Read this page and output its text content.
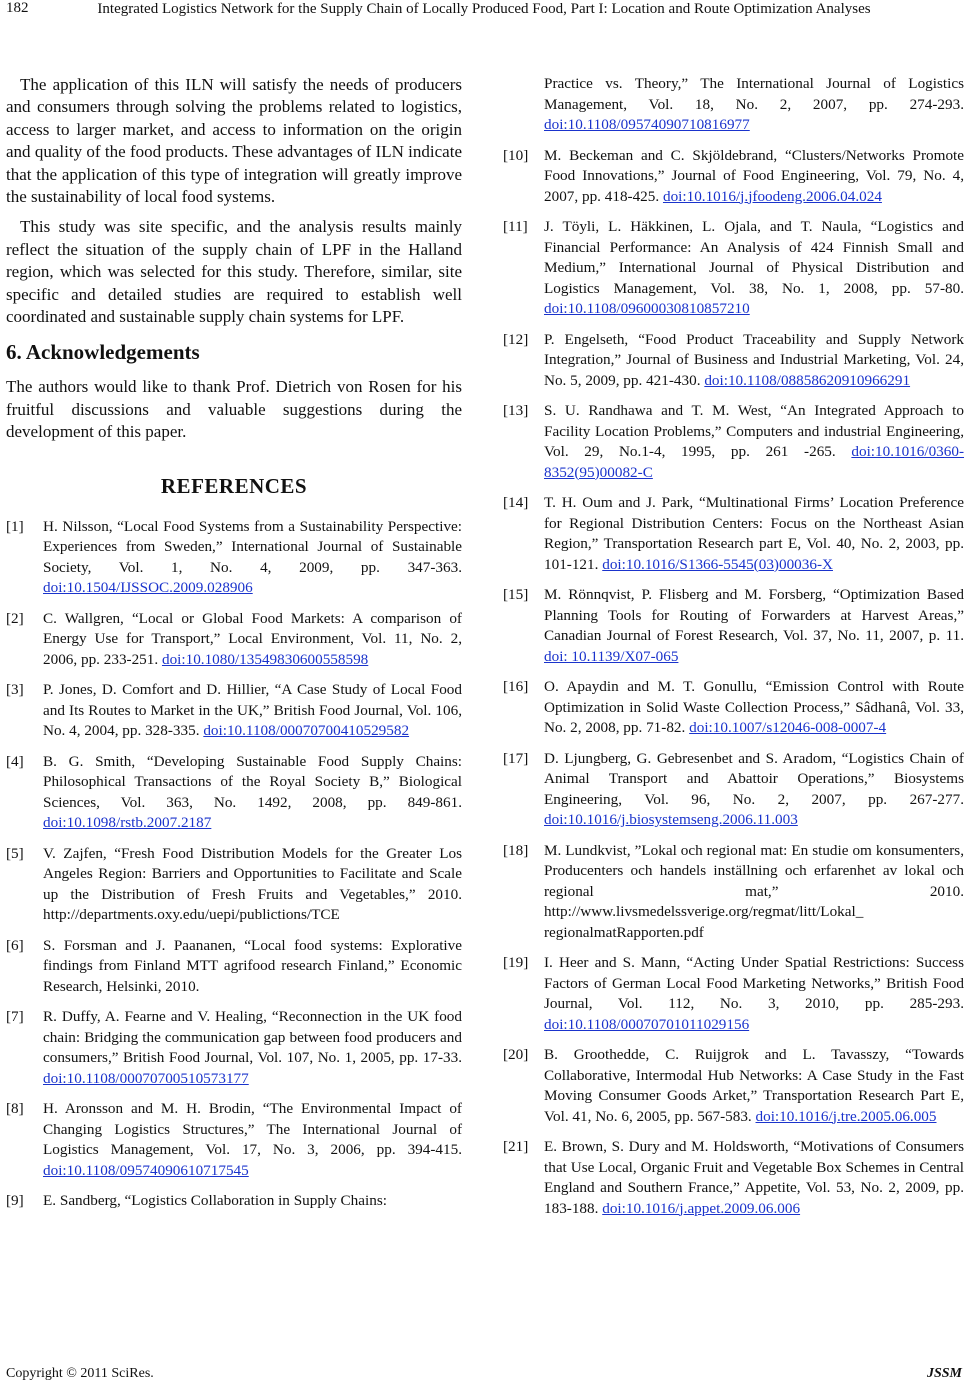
182	Integrated Logistics Network for the Supply Chain of Locally Produced Food, Part I: Location and Route Optimization Analyses

The application of this ILN will satisfy the needs of producers and consumers through solving the problems related to logistics, access to larger market, and access to information on the origin and quality of the food products. These advantages of ILN indicate that the application of this type of integration will greatly improve the sustainability of local food systems.

This study was site specific, and the analysis results mainly reflect the situation of the supply chain of LPF in the Halland region, which was selected for this study. Therefore, similar, site specific and detailed studies are required to establish well coordinated and sustainable supply chain systems for LPF.

6. Acknowledgements

The authors would like to thank Prof. Dietrich von Rosen for his fruitful discussions and valuable suggestions during the development of this paper.

REFERENCES
[1]	H. Nilsson, “Local Food Systems from a Sustainability Perspective: Experiences from Sweden,” International Journal of Sustainable Society, Vol. 1, No. 4, 2009, pp. 347-363. doi:10.1504/IJSSOC.2009.028906
[2]	C. Wallgren, “Local or Global Food Markets: A comparison of Energy Use for Transport,” Local Environment, Vol. 11, No. 2, 2006, pp. 233-251. doi:10.1080/13549830600558598
[3]	P. Jones, D. Comfort and D. Hillier, “A Case Study of Local Food and Its Routes to Market in the UK,” British Food Journal, Vol. 106, No. 4, 2004, pp. 328-335. doi:10.1108/00070700410529582
[4]	B. G. Smith, “Developing Sustainable Food Supply Chains: Philosophical Transactions of the Royal Society B,” Biological Sciences, Vol. 363, No. 1492, 2008, pp. 849-861. doi:10.1098/rstb.2007.2187
[5]	V. Zajfen, “Fresh Food Distribution Models for the Greater Los Angeles Region: Barriers and Opportunities to Facilitate and Scale up the Distribution of Fresh Fruits and Vegetables,” 2010. http://departments.oxy.edu/uepi/publictions/TCE
[6]	S. Forsman and J. Paananen, “Local food systems: Explorative findings from Finland MTT agrifood research Finland,” Economic Research, Helsinki, 2010.
[7]	R. Duffy, A. Fearne and V. Healing, “Reconnection in the UK food chain: Bridging the communication gap between food producers and consumers,” British Food Journal, Vol. 107, No. 1, 2005, pp. 17-33. doi:10.1108/00070700510573177
[8]	H. Aronsson and M. H. Brodin, “The Environmental Impact of Changing Logistics Structures,” The International Journal of Logistics Management, Vol. 17, No. 3, 2006, pp. 394-415. doi:10.1108/09574090610717545
[9]	E. Sandberg, “Logistics Collaboration in Supply Chains:
Practice vs. Theory,” The International Journal of Logistics Management, Vol. 18, No. 2, 2007, pp. 274-293. doi:10.1108/09574090710816977
[10]	M. Beckeman and C. Skjöldebrand, “Clusters/Networks Promote Food Innovations,” Journal of Food Engineering, Vol. 79, No. 4, 2007, pp. 418-425. doi:10.1016/j.jfoodeng.2006.04.024
[11]	J. Töyli, L. Häkkinen, L. Ojala, and T. Naula, “Logistics and Financial Performance: An Analysis of 424 Finnish Small and Medium,” International Journal of Physical Distribution and Logistics Management, Vol. 38, No. 1, 2008, pp. 57-80. doi:10.1108/09600030810857210
[12]	P. Engelseth, “Food Product Traceability and Supply Network Integration,” Journal of Business and Industrial Marketing, Vol. 24, No. 5, 2009, pp. 421-430. doi:10.1108/08858620910966291
[13]	S. U. Randhawa and T. M. West, “An Integrated Approach to Facility Location Problems,” Computers and industrial Engineering, Vol. 29, No.1-4, 1995, pp. 261 -265. doi:10.1016/0360-8352(95)00082-C
[14]	T. H. Oum and J. Park, “Multinational Firms’ Location Preference for Regional Distribution Centers: Focus on the Northeast Asian Region,” Transportation Research part E, Vol. 40, No. 2, 2003, pp. 101-121. doi:10.1016/S1366-5545(03)00036-X
[15]	M. Rönnqvist, P. Flisberg and M. Forsberg, “Optimization Based Planning Tools for Routing of Forwarders at Harvest Areas,” Canadian Journal of Forest Research, Vol. 37, No. 11, 2007, p. 11. doi: 10.1139/X07-065
[16]	O. Apaydin and M. T. Gonullu, “Emission Control with Route Optimization in Solid Waste Collection Process,” Sâdhanâ, Vol. 33, No. 2, 2008, pp. 71-82. doi:10.1007/s12046-008-0007-4
[17]	D. Ljungberg, G. Gebresenbet and S. Aradom, “Logistics Chain of Animal Transport and Abattoir Operations,” Biosystems Engineering, Vol. 96, No. 2, 2007, pp. 267-277. doi:10.1016/j.biosystemseng.2006.11.003
[18]	M. Lundkvist, ”Lokal och regional mat: En studie om konsumenters, Producenters och handels inställning och erfarenhet av lokal och regional mat,” 2010. http://www.livsmedelssverige.org/regmat/litt/Lokal_ regionalmatRapporten.pdf
[19]	I. Heer and S. Mann, “Acting Under Spatial Restrictions: Success Factors of German Local Food Marketing Networks,” British Food Journal, Vol. 112, No. 3, 2010, pp. 285-293. doi:10.1108/00070701011029156
[20]	B. Groothedde, C. Ruijgrok and L. Tavasszy, “Towards Collaborative, Intermodal Hub Networks: A Case Study in the Fast Moving Consumer Goods Arket,” Transportation Research Part E, Vol. 41, No. 6, 2005, pp. 567-583. doi:10.1016/j.tre.2005.06.005
[21]	E. Brown, S. Dury and M. Holdsworth, “Motivations of Consumers that Use Local, Organic Fruit and Vegetable Box Schemes in Central England and Southern France,” Appetite, Vol. 53, No. 2, 2009, pp. 183-188. doi:10.1016/j.appet.2009.06.006
Copyright © 2011 SciRes.	JSSM
